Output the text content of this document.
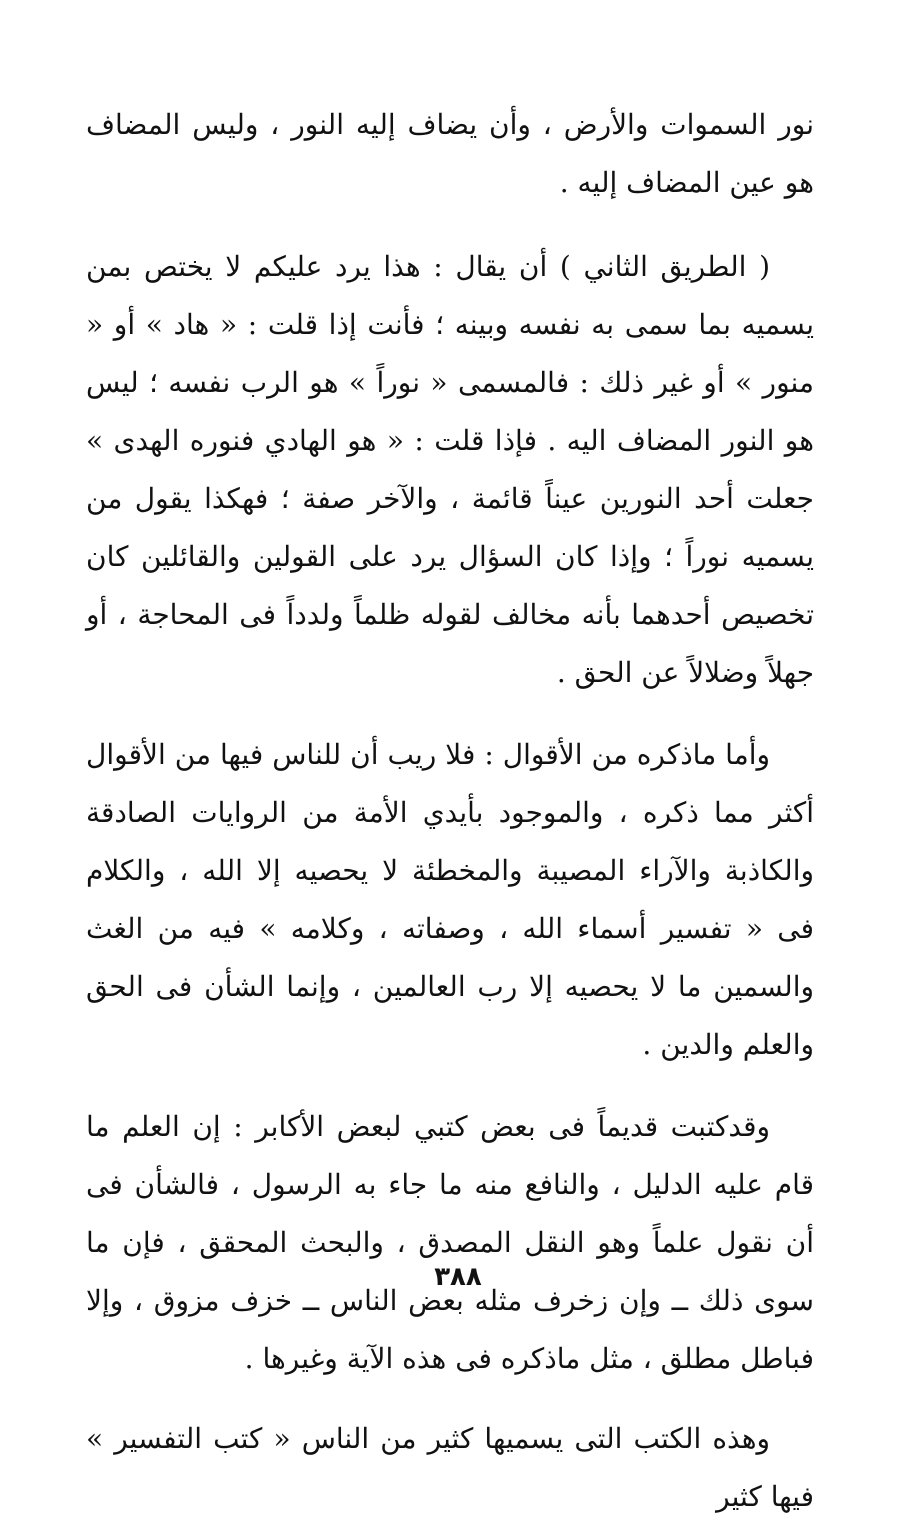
نور السموات والأرض ، وأن يضاف إليه النور ، وليس المضاف هو عين المضاف إليه .

( الطريق الثاني ) أن يقال : هذا يرد عليكم لا يختص بمن يسميه بما سمى به نفسه وبينه ؛ فأنت إذا قلت : « هاد » أو « منور » أو غير ذلك : فالمسمى « نوراً » هو الرب نفسه ؛ ليس هو النور المضاف اليه . فإذا قلت : « هو الهادي فنوره الهدى » جعلت أحد النورين عيناً قائمة ، والآخر صفة ؛ فهكذا يقول من يسميه نوراً ؛ وإذا كان السؤال يرد على القولين والقائلين كان تخصيص أحدهما بأنه مخالف لقوله ظلماً ولدداً فى المحاجة ، أو جهلاً وضلالاً عن الحق .

وأما ماذكره من الأقوال : فلا ريب أن للناس فيها من الأقوال أكثر مما ذكره ، والموجود بأيدي الأمة من الروايات الصادقة والكاذبة والآراء المصيبة والمخطئة لا يحصيه إلا الله ، والكلام فى « تفسير أسماء الله ، وصفاته ، وكلامه » فيه من الغث والسمين ما لا يحصيه إلا رب العالمين ، وإنما الشأن فى الحق والعلم والدين .

وقدكتبت قديماً فى بعض كتبي لبعض الأكابر : إن العلم ما قام عليه الدليل ، والنافع منه ما جاء به الرسول ، فالشأن فى أن نقول علماً وهو النقل المصدق ، والبحث المحقق ، فإن ما سوى ذلك ــ وإن زخرف مثله بعض الناس ــ خزف مزوق ، وإلا فباطل مطلق ، مثل ماذكره فى هذه الآية وغيرها .

وهذه الكتب التى يسميها كثير من الناس « كتب التفسير » فيها كثير

٣٨٨
